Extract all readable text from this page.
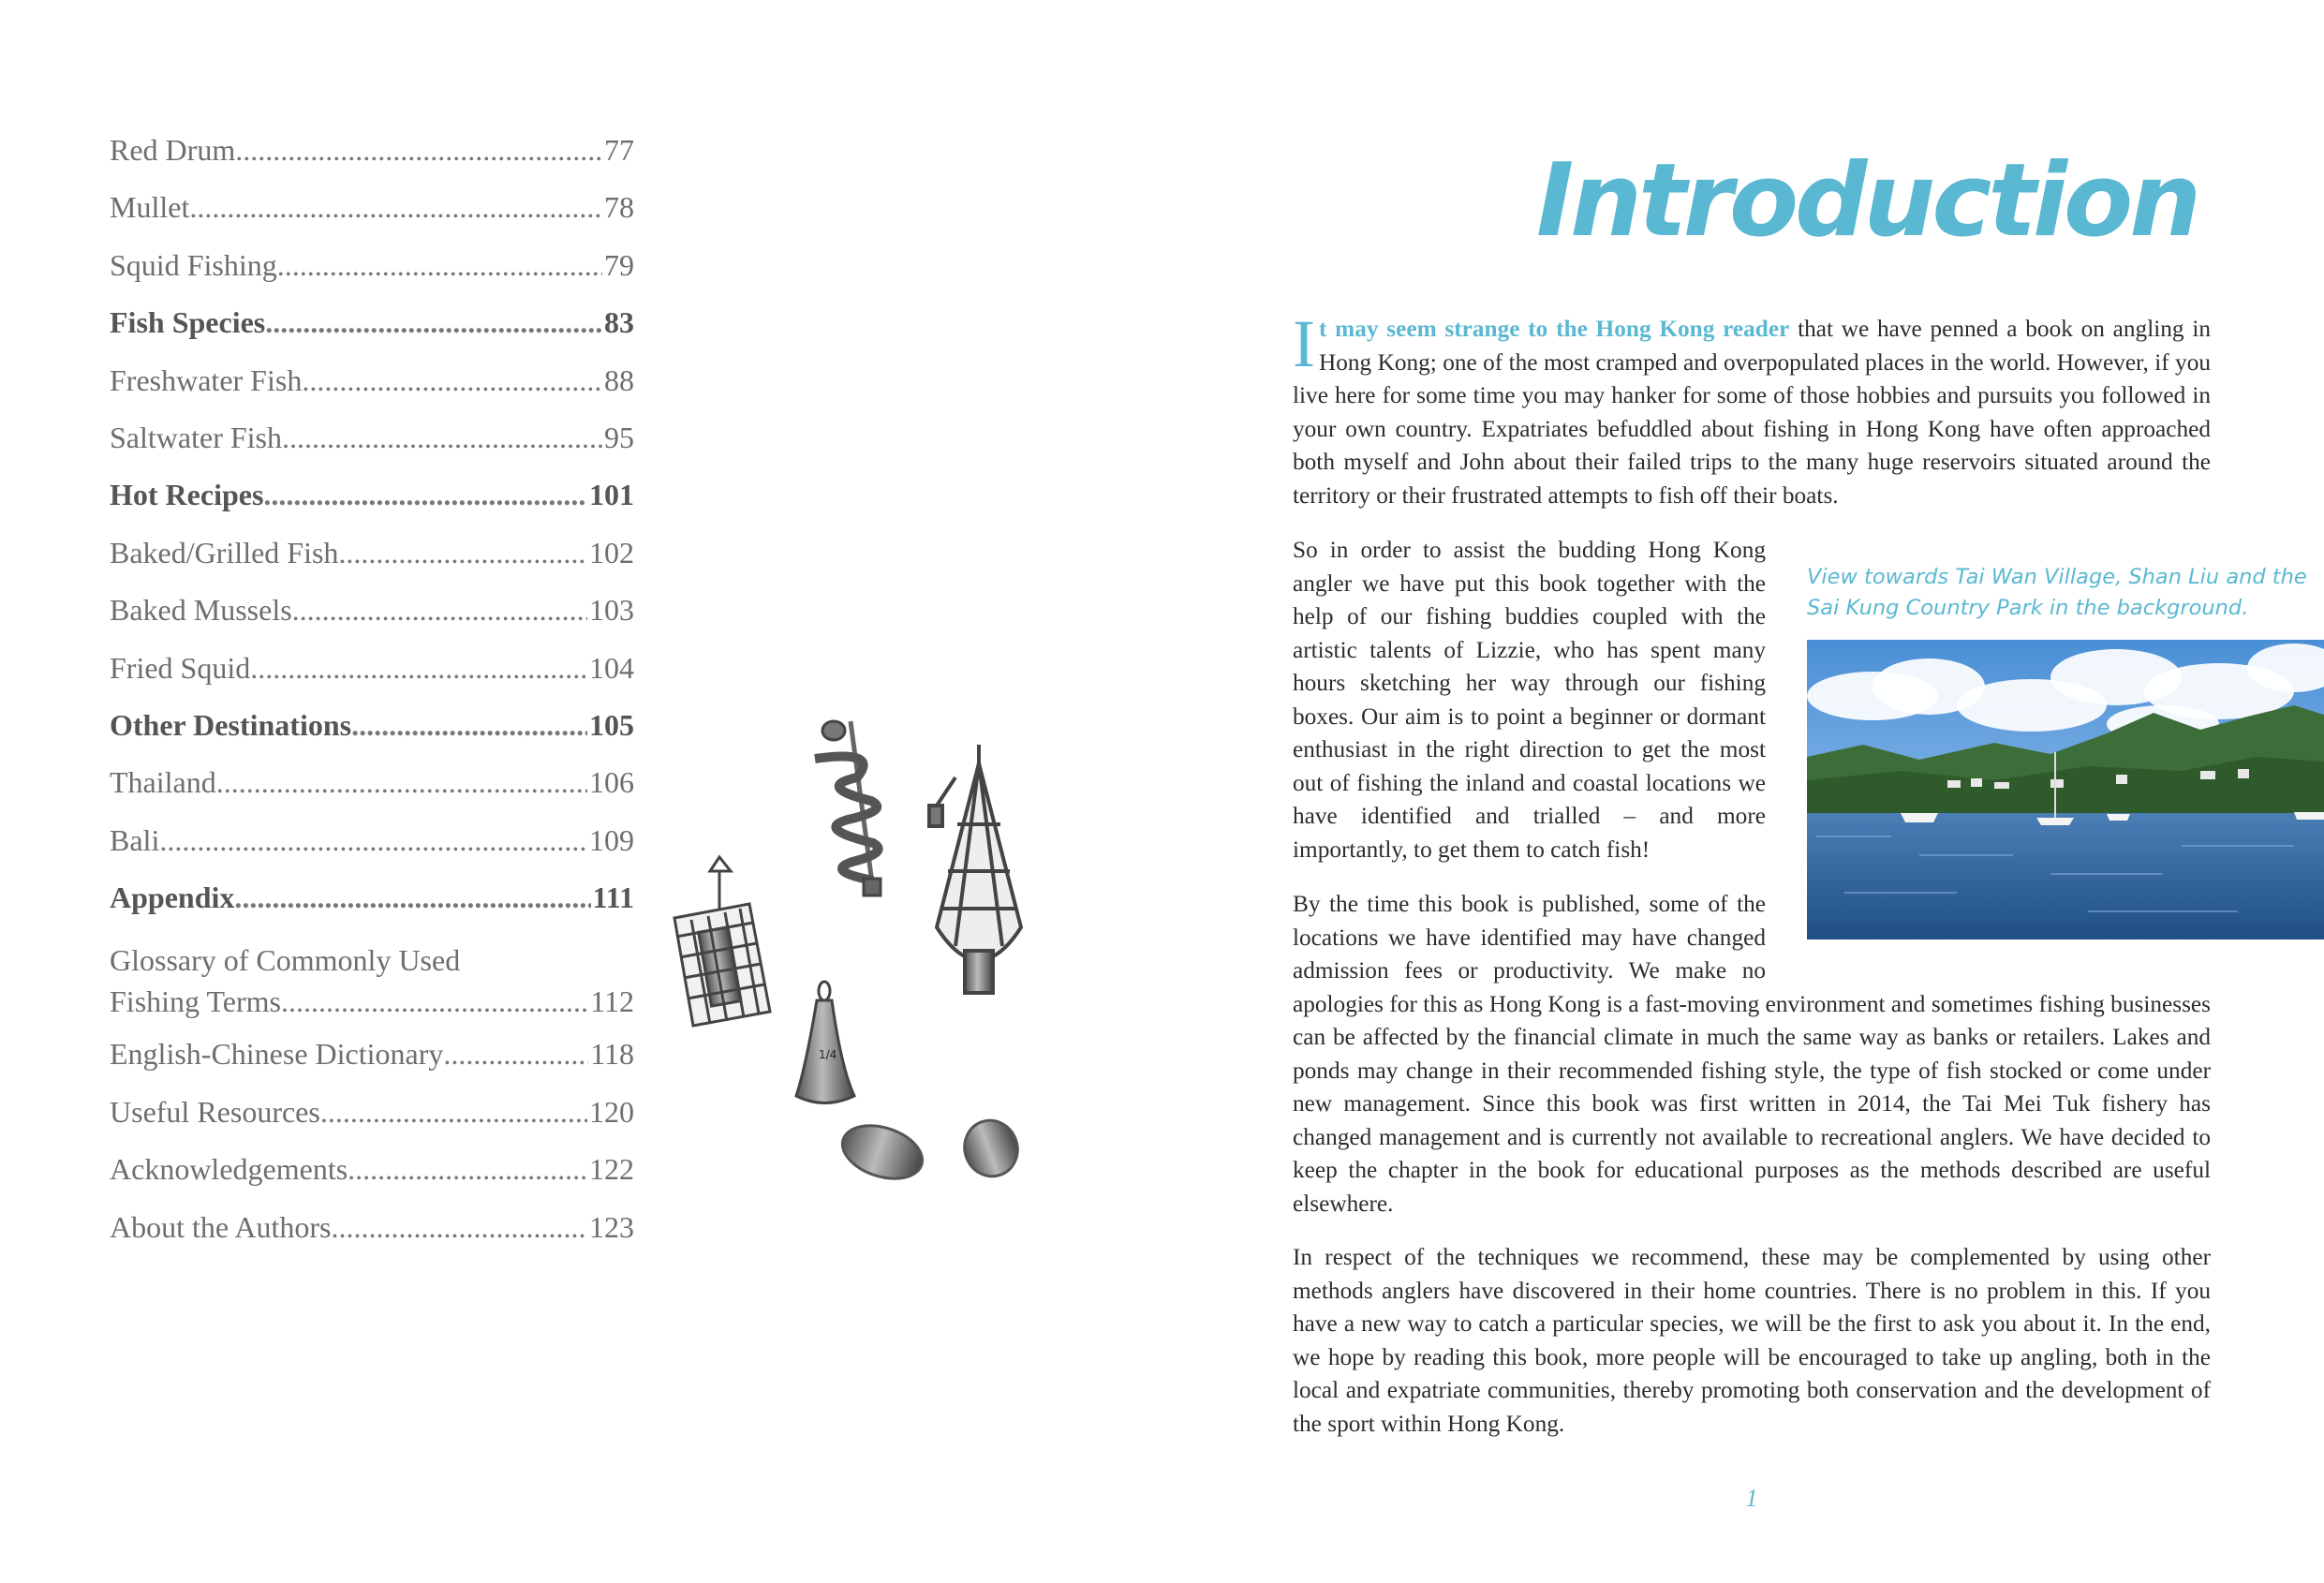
Red Drum .....	77
Mullet .....	78
Squid Fishing .....	79
Fish Species .....	83
Freshwater Fish .....	88
Saltwater Fish .....	95
Hot Recipes .....	101
Baked/Grilled Fish .....	102
Baked Mussels .....	103
Fried Squid .....	104
Other Destinations .....	105
Thailand .....	106
Bali .....	109
Appendix .....	111
Glossary of Commonly Used
Fishing Terms .....	112
English-Chinese Dictionary .....	118
Useful Resources .....	120
Acknowledgements .....	122
About the Authors .....	123
1/4
Introduction

It may seem strange to the Hong Kong reader that we have penned a book on angling in Hong Kong; one of the most cramped and overpopulated places in the world. However, if you live here for some time you may hanker for some of those hobbies and pursuits you followed in your own country. Expatriates befuddled about fishing in Hong Kong have often approached both myself and John about their failed trips to the many huge reservoirs situated around the territory or their frustrated attempts to fish off their boats.

So in order to assist the budding Hong Kong angler we have put this book together with the help of our fishing buddies coupled with the artistic talents of Lizzie, who has spent many hours sketching her way through our fishing boxes. Our aim is to point a beginner or dormant enthusiast in the right direction to get the most out of fishing the inland and coastal locations we have identified and trialled – and more importantly, to get them to catch fish!

By the time this book is published, some of the locations we have identified may have changed admission fees or productivity. We make no apologies for this as Hong Kong is a fast-moving environment and sometimes fishing businesses can be affected by the financial climate in much the same way as banks or retailers. Lakes and ponds may change in their recommended fishing style, the type of fish stocked or come under new management. Since this book was first written in 2014, the Tai Mei Tuk fishery has changed management and is currently not available to recreational anglers. We have decided to keep the chapter in the book for educational purposes as the methods described are useful elsewhere.

In respect of the techniques we recommend, these may be complemented by using other methods anglers have discovered in their home countries. There is no problem in this. If you have a new way to catch a particular species, we will be the first to ask you about it. In the end, we hope by reading this book, more people will be encouraged to take up angling, both in the local and expatriate communities, thereby promoting both conservation and the development of the sport within Hong Kong.

View towards Tai Wan Village, Shan Liu and the Sai Kung Country Park in the background.
1
